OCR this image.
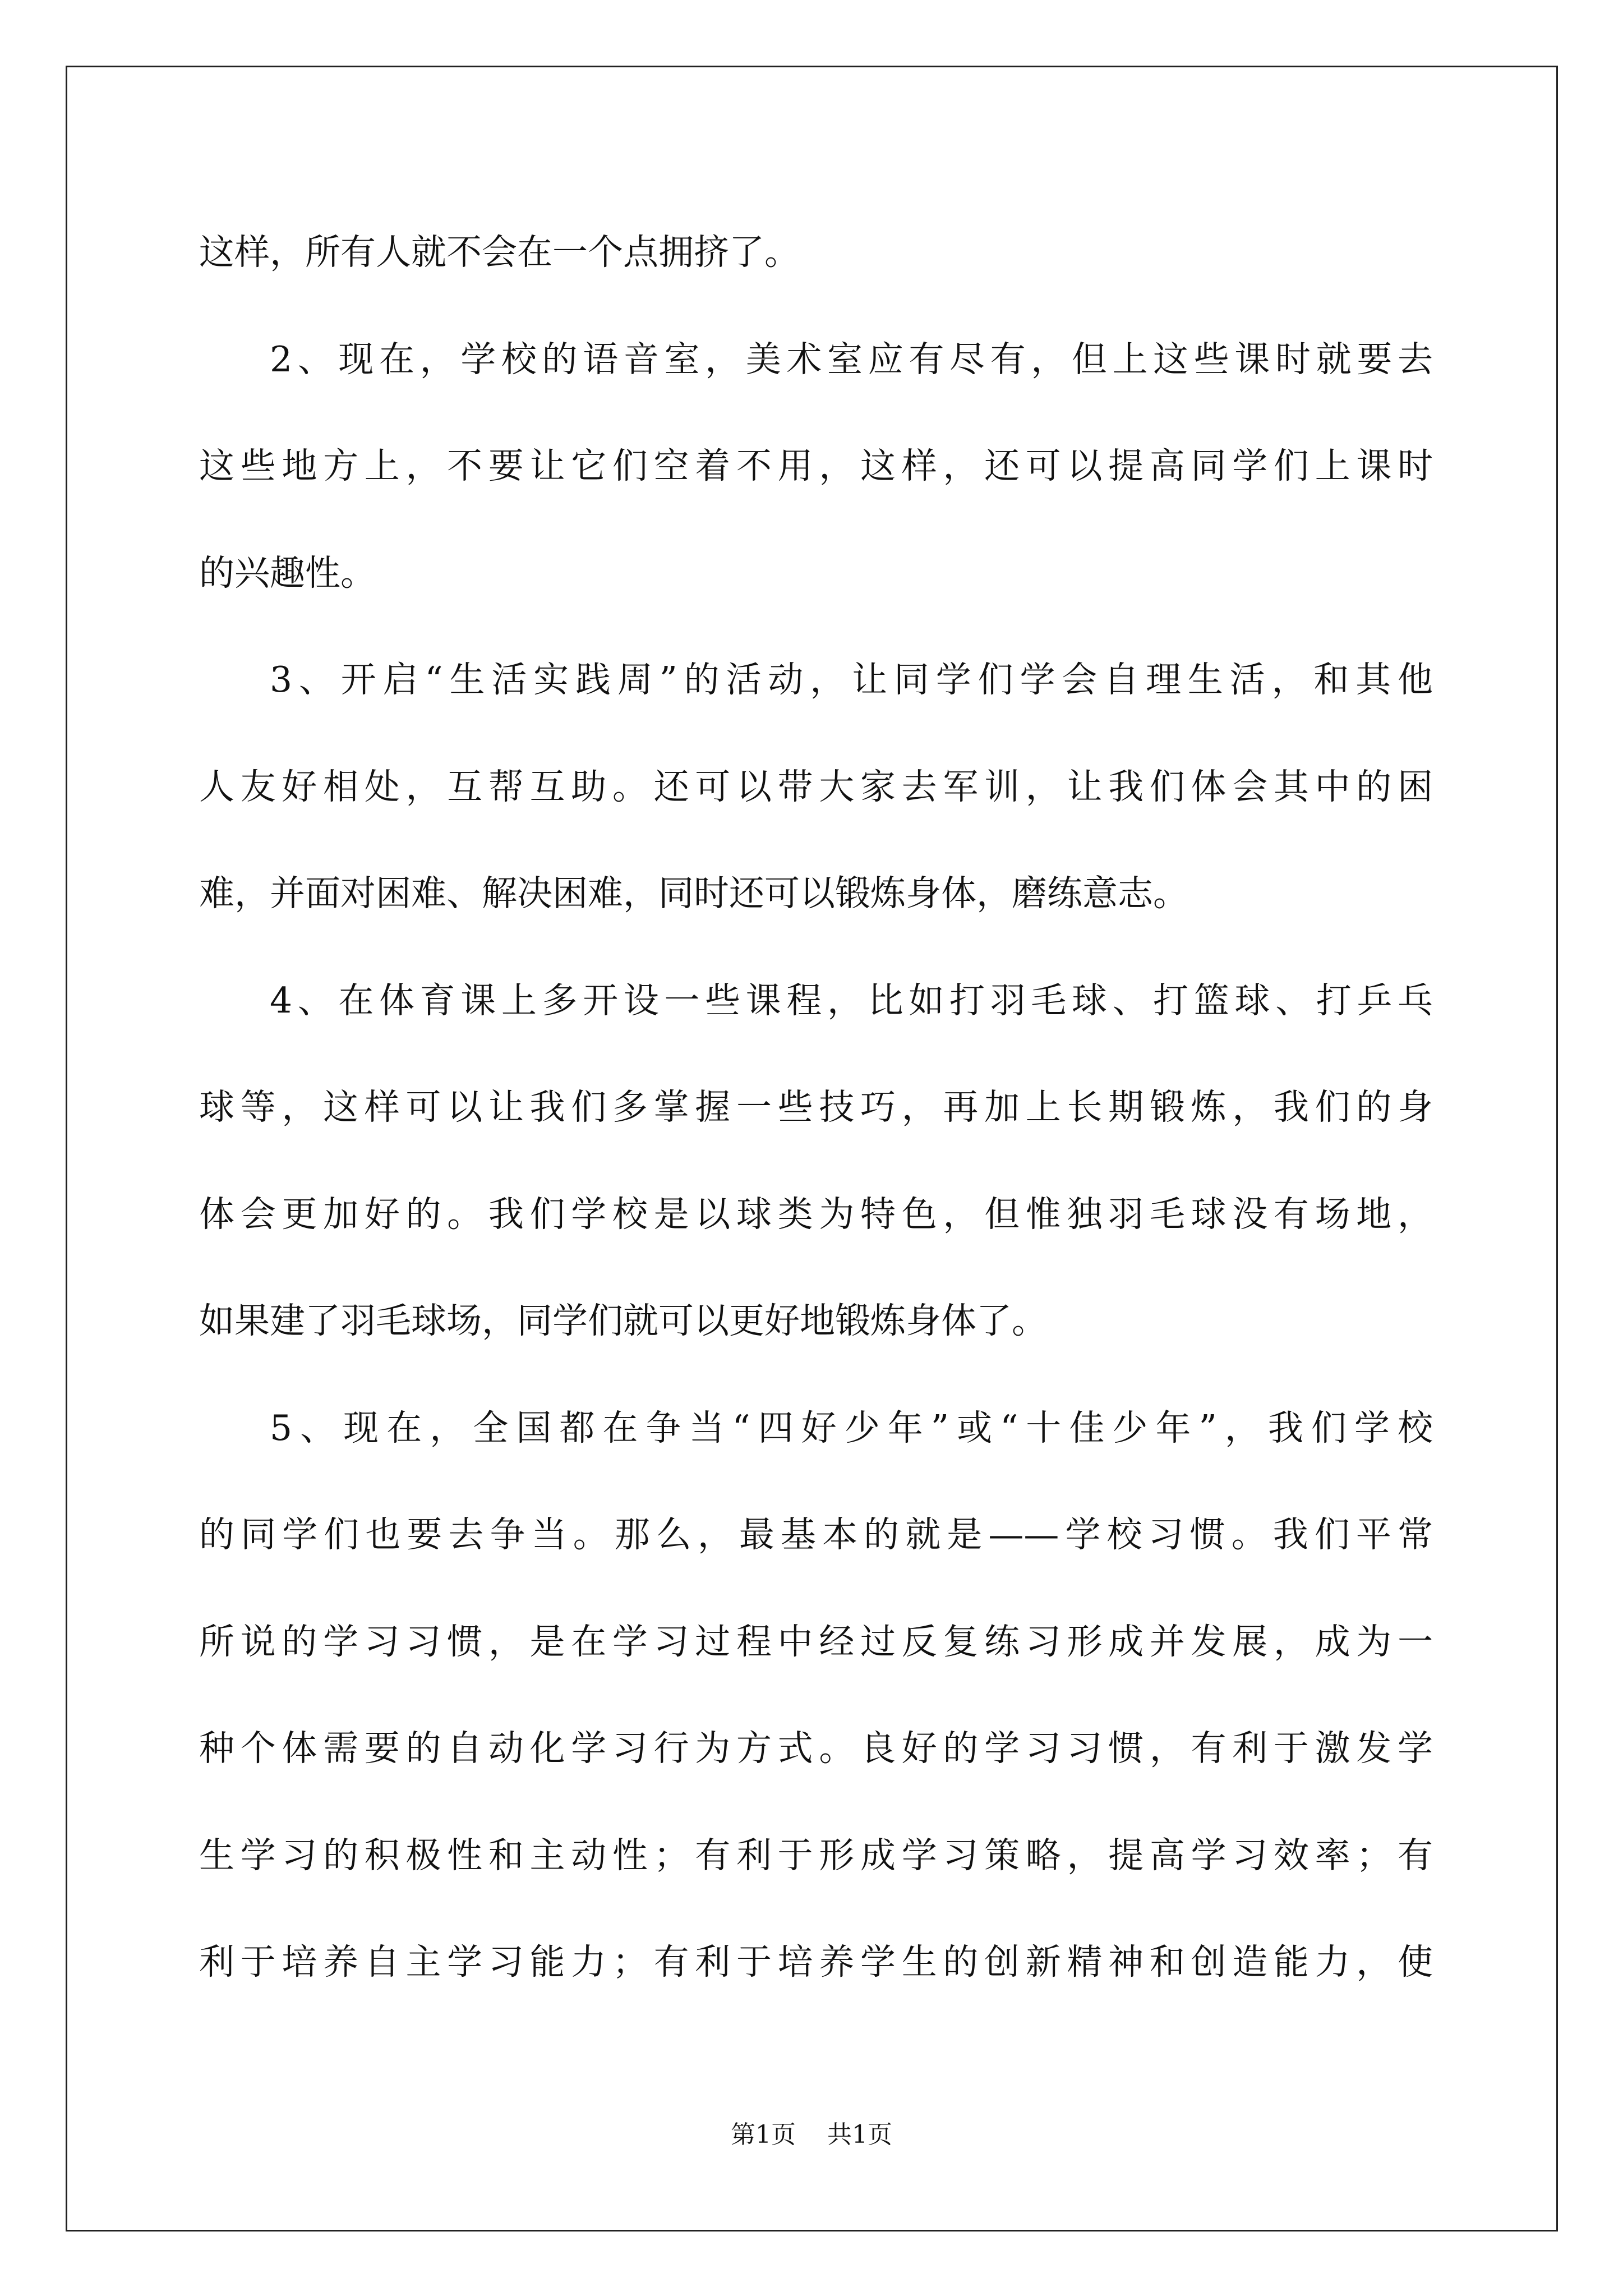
这样，所有人就不会在一个点拥挤了。
2、现在，学校的语音室，美术室应有尽有，但上这些课时就要去
这些地方上，不要让它们空着不用，这样，还可以提高同学们上课时
的兴趣性。
3、开启“生活实践周”的活动，让同学们学会自理生活，和其他
人友好相处，互帮互助。还可以带大家去军训，让我们体会其中的困
难，并面对困难、解决困难，同时还可以锻炼身体，磨练意志。
4、在体育课上多开设一些课程，比如打羽毛球、打篮球、打乒乓
球等，这样可以让我们多掌握一些技巧，再加上长期锻炼，我们的身
体会更加好的。我们学校是以球类为特色，但惟独羽毛球没有场地，
如果建了羽毛球场，同学们就可以更好地锻炼身体了。
5、现在，全国都在争当“四好少年”或“十佳少年”，我们学校
的同学们也要去争当。那么，最基本的就是——学校习惯。我们平常
所说的学习习惯，是在学习过程中经过反复练习形成并发展，成为一
种个体需要的自动化学习行为方式。良好的学习习惯，有利于激发学
生学习的积极性和主动性；有利于形成学习策略，提高学习效率；有
利于培养自主学习能力；有利于培养学生的创新精神和创造能力，使
第1页 共1页
